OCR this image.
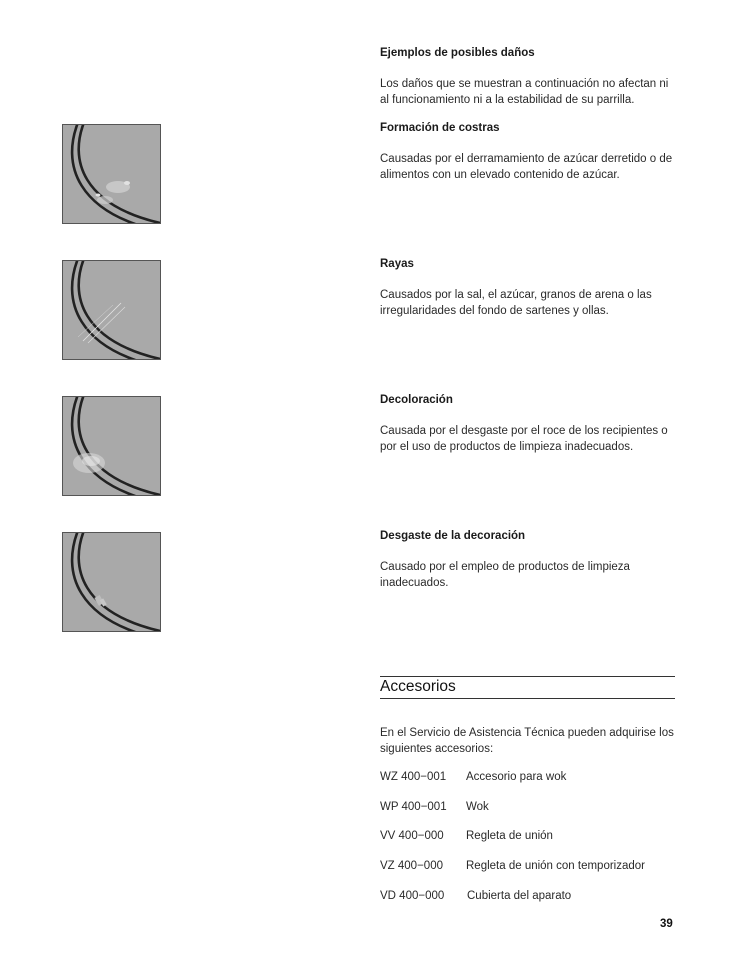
Ejemplos de posibles daños
Los daños que se muestran a continuación no afectan ni al funcionamiento ni a la estabilidad de su parrilla.
Formación de costras
Causadas por el derramamiento de azúcar derretido o de alimentos con un elevado contenido de azúcar.
Rayas
Causados por la sal, el azúcar, granos de arena o las irregularidades del fondo de sartenes y ollas.
Decoloración
Causada por el desgaste por el roce de los recipientes o por el uso de productos de limpieza inadecuados.
Desgaste de la decoración
Causado por el empleo de productos de limpieza inadecuados.
Accesorios
En el Servicio de Asistencia Técnica pueden adquirise los siguientes accesorios:
WZ 400−001 Accesorio para wok
WP 400−001 Wok
VV 400−000 Regleta de unión
VZ 400−000 Regleta de unión con temporizador
VD 400−000 Cubierta del aparato
39
